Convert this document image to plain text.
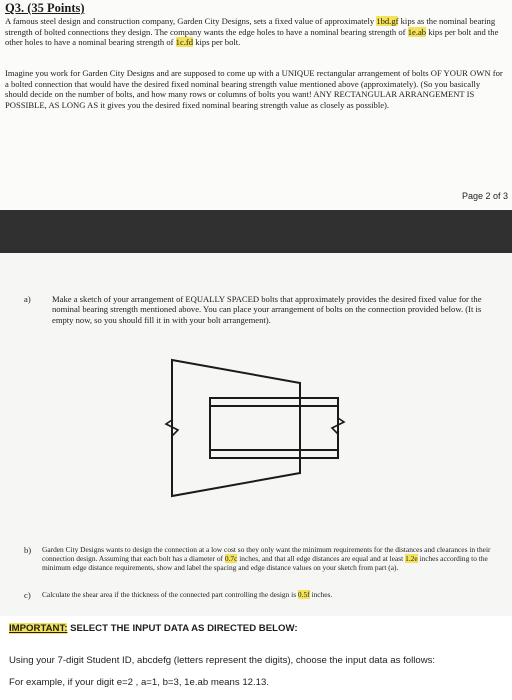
Q3. (35 Points)
A famous steel design and construction company, Garden City Designs, sets a fixed value of approximately 1bd.gf kips as the nominal bearing strength of bolted connections they design. The company wants the edge holes to have a nominal bearing strength of 1e.ab kips per bolt and the other holes to have a nominal bearing strength of 1c.fd kips per bolt.
Imagine you work for Garden City Designs and are supposed to come up with a UNIQUE rectangular arrangement of bolts OF YOUR OWN for a bolted connection that would have the desired fixed nominal bearing strength value mentioned above (approximately). (So you basically should decide on the number of bolts, and how many rows or columns of bolts you want! ANY RECTANGULAR ARRANGEMENT IS POSSIBLE, AS LONG AS it gives you the desired fixed nominal bearing strength value as closely as possible).
Page 2 of 3
a) Make a sketch of your arrangement of EQUALLY SPACED bolts that approximately provides the desired fixed value for the nominal bearing strength mentioned above. You can place your arrangement of bolts on the connection provided below. (It is empty now, so you should fill it in with your bolt arrangement).
b) Garden City Designs wants to design the connection at a low cost so they only want the minimum requirements for the distances and clearances in their connection design. Assuming that each bolt has a diameter of 0.7c inches, and that all edge distances are equal and at least 1.2e inches according to the minimum edge distance requirements, show and label the spacing and edge distance values on your sketch from part (a).
c) Calculate the shear area if the thickness of the connected part controlling the design is 0.5f inches.
IMPORTANT: SELECT THE INPUT DATA AS DIRECTED BELOW:
Using your 7-digit Student ID, abcdefg (letters represent the digits), choose the input data as follows:
For example, if your digit e=2 , a=1, b=3, 1e.ab means 12.13.
